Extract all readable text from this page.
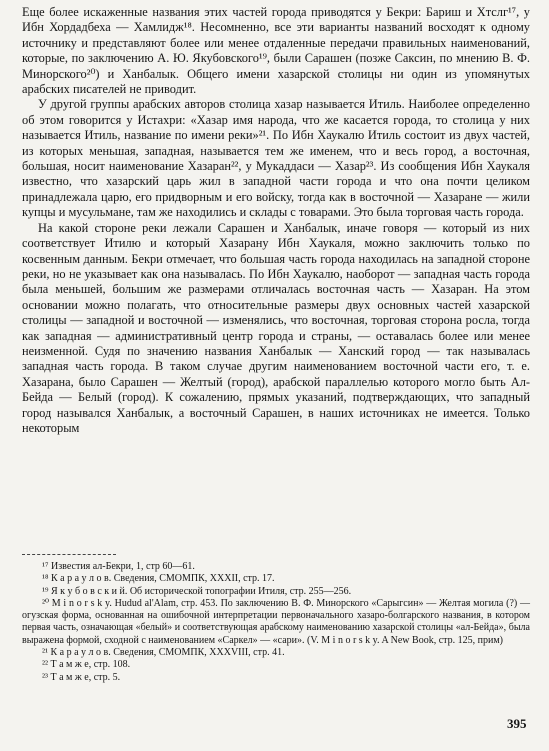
Еще более искаженные названия этих частей города приводятся у Бекри: Бариш и Хтслг¹⁷, у Ибн Хордадбеха — Хамлидж¹⁸. Несомненно, все эти варианты названий восходят к одному источнику и представляют более или менее отдаленные передачи правильных наименований, которые, по заключению А. Ю. Якубовского¹⁹, были Сарашен (позже Саксин, по мнению В. Ф. Минорского²⁰) и Ханбалык. Общего имени хазарской столицы ни один из упомянутых арабских писателей не приводит.

У другой группы арабских авторов столица хазар называется Итиль. Наиболее определенно об этом говорится у Истахри: «Хазар имя народа, что же касается города, то столица у них называется Итиль, название по имени реки»²¹. По Ибн Хаукалю Итиль состоит из двух частей, из которых меньшая, западная, называется тем же именем, что и весь город, а восточная, большая, носит наименование Хазаран²², у Мукаддаси — Хазар²³. Из сообщения Ибн Хаукаля известно, что хазарский царь жил в западной части города и что она почти целиком принадлежала царю, его придворным и его войску, тогда как в восточной — Хазаране — жили купцы и мусульмане, там же находились и склады с товарами. Это была торговая часть города.

На какой стороне реки лежали Сарашен и Ханбалык, иначе говоря — который из них соответствует Итилю и который Хазарану Ибн Хаукаля, можно заключить только по косвенным данным. Бекри отмечает, что большая часть города находилась на западной стороне реки, но не указывает как она называлась. По Ибн Хаукалю, наоборот — западная часть города была меньшей, большим же размерами отличалась восточная часть — Хазаран. На этом основании можно полагать, что относительные размеры двух основных частей хазарской столицы — западной и восточной — изменялись, что восточная, торговая сторона росла, тогда как западная — административный центр города и страны, — оставалась более или менее неизменной. Судя по значению названия Ханбалык — Ханский город — так называлась западная часть города. В таком случае другим наименованием восточной части его, т. е. Хазарана, было Сарашен — Желтый (город), арабской параллелью которого могло быть Ал-Бейда — Белый (город). К сожалению, прямых указаний, подтверждающих, что западный город назывался Ханбалык, а восточный Сарашен, в наших источниках не имеется. Только некоторым

¹⁷ Известия ал-Бекри, 1, стр 60—61.

¹⁸ К а р а у л о в. Сведения, СМОМПК, XXXII, стр. 17.

¹⁹ Я к у б о в с к и й. Об исторической топографии Итиля, стр. 255—256.

²⁰ M i n o r s k y. Hudud al'Alam, стр. 453. По заключению В. Ф. Минорского «Сарыгсин» — Желтая могила (?) — огузская форма, основанная на ошибочной интерпретации первоначального хазаро-болгарского названия, в котором первая часть, означающая «белый» и соответствующая арабскому наименованию хазарской столицы «ал-Бейда», была выражена формой, сходной с наименованием «Саркел» — «сари». (V. M i n o r s k y. A New Book, стр. 125, прим)

²¹ К а р а у л о в. Сведения, СМОМПК, XXXVIII, стр. 41.

²² Т а м ж е, стр. 108.

²³ Т а м ж е, стр. 5.

395
